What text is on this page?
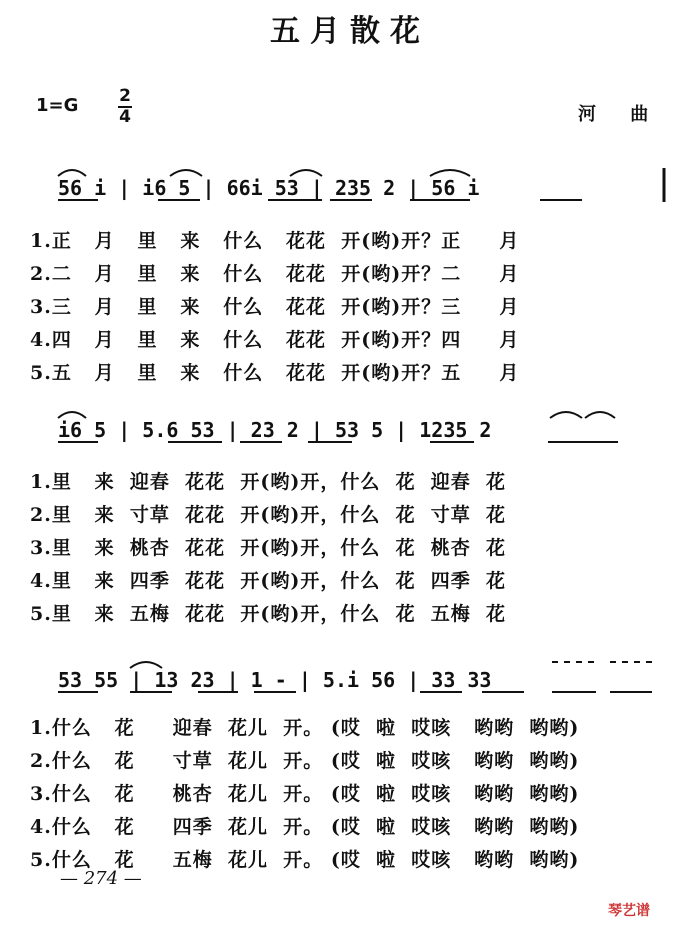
五月散花
1=G 2
4	河 曲
56 i | i6 5 | 66i 53 | 235 2 | 56 i
1.正   月   里   来   什么   花花  开(哟)开？正     月
2.二   月   里   来   什么   花花  开(哟)开？二     月
3.三   月   里   来   什么   花花  开(哟)开？三     月
4.四   月   里   来   什么   花花  开(哟)开？四     月
5.五   月   里   来   什么   花花  开(哟)开？五     月
i6 5 | 5.6 53 | 23 2 | 53 5 | 1235 2
1.里   来  迎春  花花  开(哟)开，什么  花  迎春  花
2.里   来  寸草  花花  开(哟)开，什么  花  寸草  花
3.里   来  桃杏  花花  开(哟)开，什么  花  桃杏  花
4.里   来  四季  花花  开(哟)开，什么  花  四季  花
5.里   来  五梅  花花  开(哟)开，什么  花  五梅  花
53 55 | 13 23 | 1 - | 5.i 56 | 33 33
1.什么   花     迎春  花儿  开。 (哎  啦  哎咳   哟哟  哟哟)
2.什么   花     寸草  花儿  开。 (哎  啦  哎咳   哟哟  哟哟)
3.什么   花     桃杏  花儿  开。 (哎  啦  哎咳   哟哟  哟哟)
4.什么   花     四季  花儿  开。 (哎  啦  哎咳   哟哟  哟哟)
5.什么   花     五梅  花儿  开。 (哎  啦  哎咳   哟哟  哟哟)
— 274 —
琴艺谱
